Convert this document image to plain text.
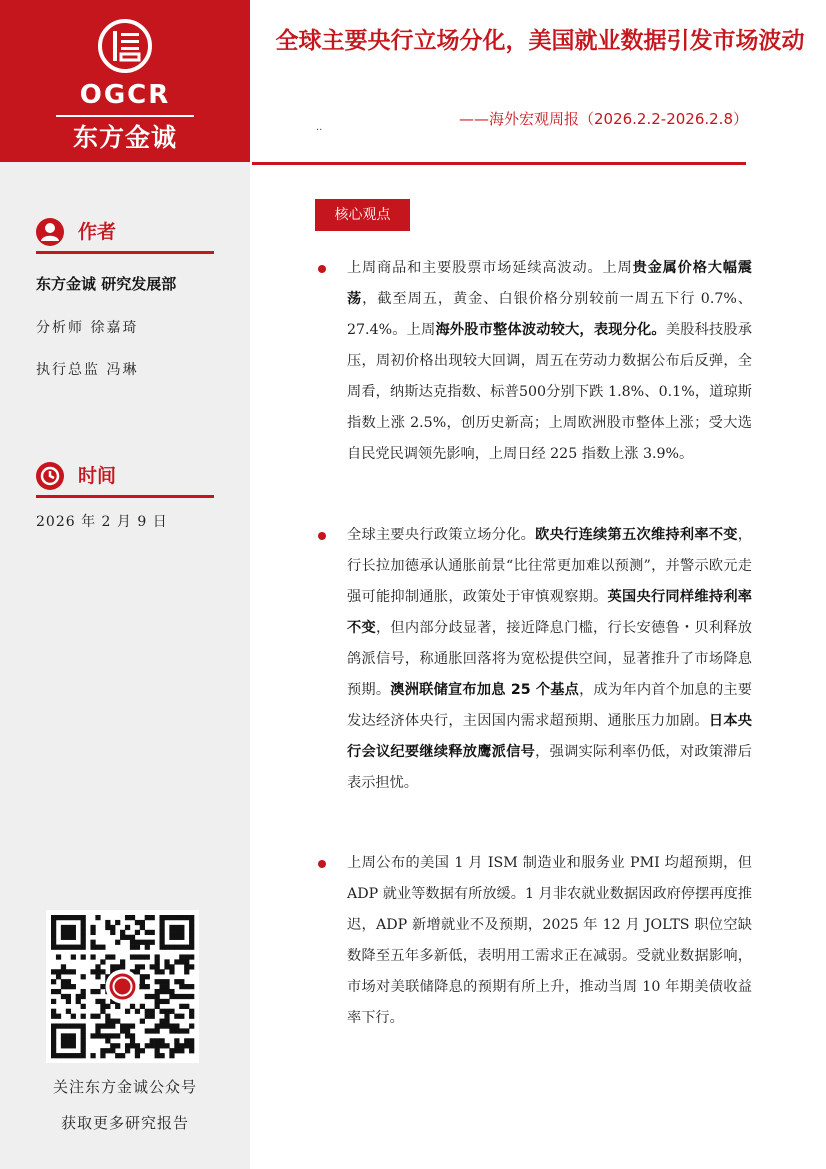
OGCR
东方金诚
作者
东方金诚 研究发展部
分析师 徐嘉琦
执行总监 冯琳
时间
2026 年 2 月 9 日
关注东方金诚公众号
获取更多研究报告
全球主要央行立场分化，美国就业数据引发市场波动
——海外宏观周报（2026.2.2-2026.2.8）
..
核心观点
上周商品和主要股票市场延续高波动。上周贵金属价格大幅震荡，截至周五，黄金、白银价格分别较前一周五下行 0.7%、27.4%。上周海外股市整体波动较大，表现分化。美股科技股承压，周初价格出现较大回调，周五在劳动力数据公布后反弹，全周看，纳斯达克指数、标普500分别下跌 1.8%、0.1%，道琼斯指数上涨 2.5%，创历史新高；上周欧洲股市整体上涨；受大选自民党民调领先影响，上周日经 225 指数上涨 3.9%。
全球主要央行政策立场分化。欧央行连续第五次维持利率不变，行长拉加德承认通胀前景“比往常更加难以预测”，并警示欧元走强可能抑制通胀，政策处于审慎观察期。英国央行同样维持利率不变，但内部分歧显著，接近降息门槛，行长安德鲁・贝利释放鸽派信号，称通胀回落将为宽松提供空间，显著推升了市场降息预期。澳洲联储宣布加息 25 个基点，成为年内首个加息的主要发达经济体央行，主因国内需求超预期、通胀压力加剧。日本央行会议纪要继续释放鹰派信号，强调实际利率仍低，对政策滞后表示担忧。
上周公布的美国 1 月 ISM 制造业和服务业 PMI 均超预期，但 ADP 就业等数据有所放缓。1 月非农就业数据因政府停摆再度推迟，ADP 新增就业不及预期，2025 年 12 月 JOLTS 职位空缺数降至五年多新低，表明用工需求正在减弱。受就业数据影响，市场对美联储降息的预期有所上升，推动当周 10 年期美债收益率下行。
